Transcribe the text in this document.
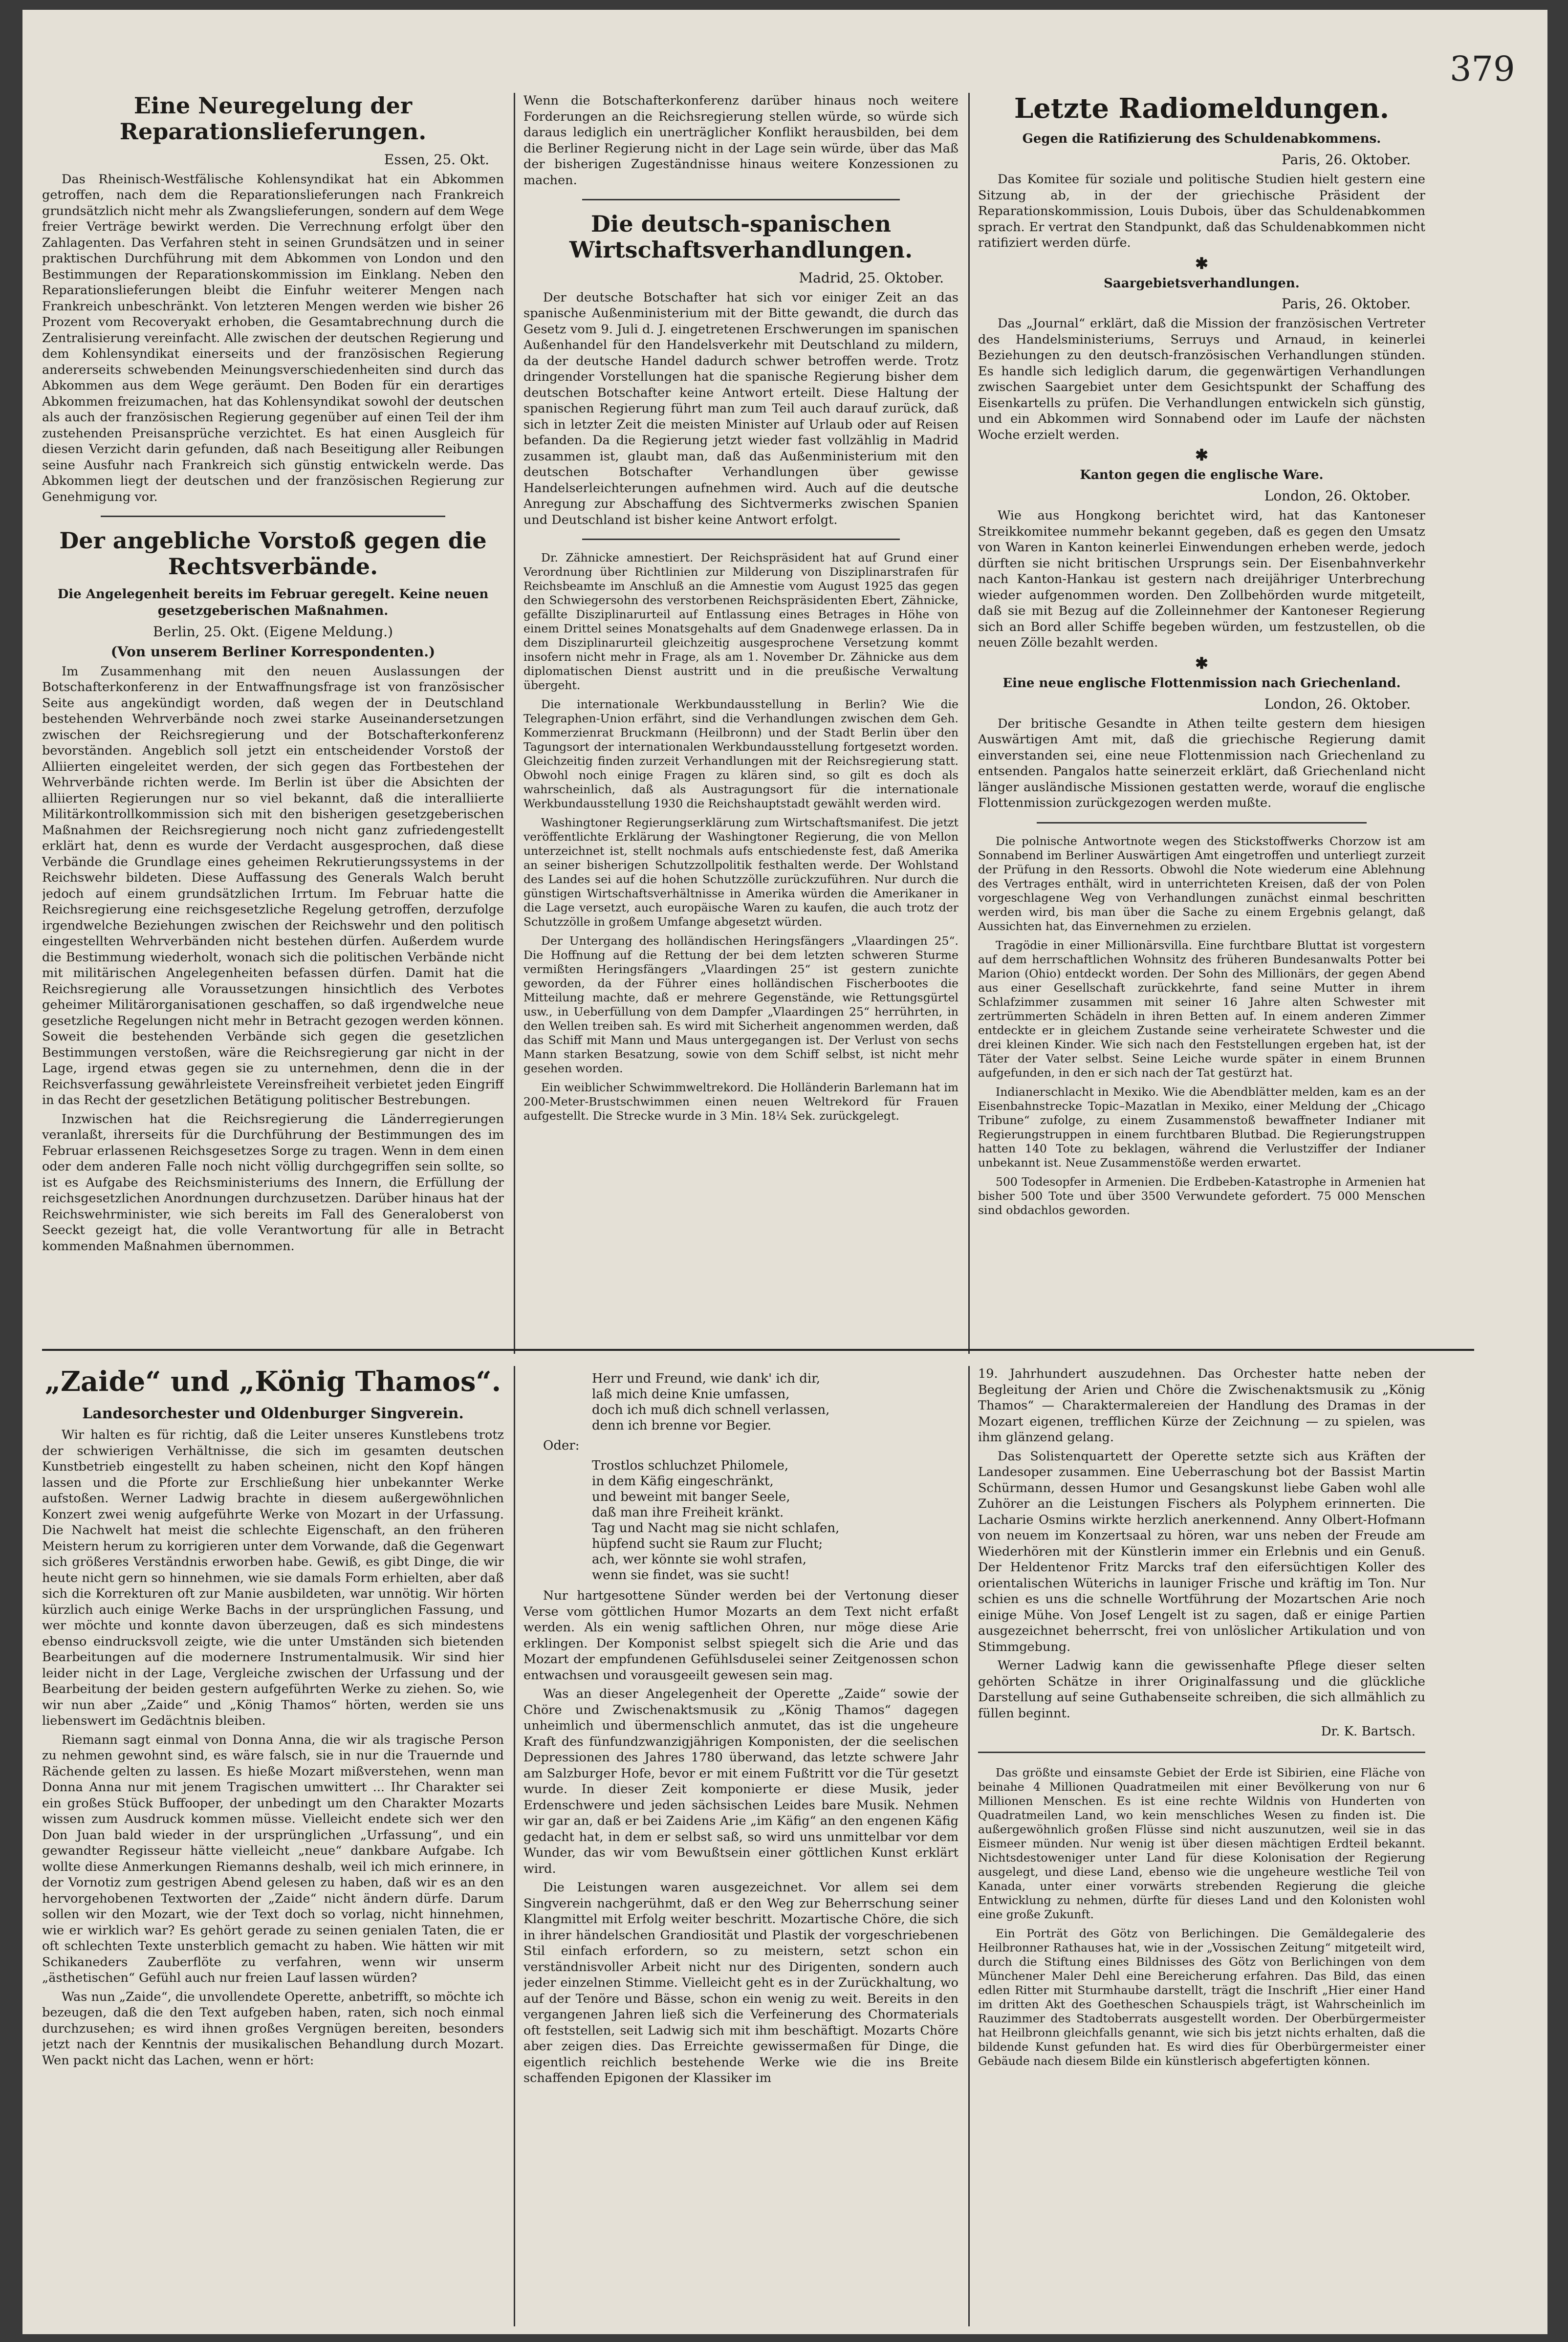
379
Eine Neuregelung der Reparationslieferungen.
Essen, 25. Okt.

Das Rheinisch-Westfälische Kohlensyndikat hat ein Abkommen getroffen, nach dem die Reparationslieferungen nach Frankreich grundsätzlich nicht mehr als Zwangslieferungen, sondern auf dem Wege freier Verträge bewirkt werden. Die Verrechnung erfolgt über den Zahlagenten. Das Verfahren steht in seinen Grundsätzen und in seiner praktischen Durchführung mit dem Abkommen von London und den Bestimmungen der Reparationskommission im Einklang. Neben den Reparationslieferungen bleibt die Einfuhr weiterer Mengen nach Frankreich unbeschränkt. Von letzteren Mengen werden wie bisher 26 Prozent vom Recoveryakt erhoben, die Gesamtabrechnung durch die Zentralisierung vereinfacht. Alle zwischen der deutschen Regierung und dem Kohlensyndikat einerseits und der französischen Regierung andererseits schwebenden Meinungsverschiedenheiten sind durch das Abkommen aus dem Wege geräumt. Den Boden für ein derartiges Abkommen freizumachen, hat das Kohlensyndikat sowohl der deutschen als auch der französischen Regierung gegenüber auf einen Teil der ihm zustehenden Preisansprüche verzichtet. Es hat einen Ausgleich für diesen Verzicht darin gefunden, daß nach Beseitigung aller Reibungen seine Ausfuhr nach Frankreich sich günstig entwickeln werde. Das Abkommen liegt der deutschen und der französischen Regierung zur Genehmigung vor.

Der angebliche Vorstoß gegen die Rechtsverbände.
Die Angelegenheit bereits im Februar geregelt. Keine neuen gesetzgeberischen Maßnahmen.
Berlin, 25. Okt. (Eigene Meldung.)
(Von unserem Berliner Korrespondenten.)

Im Zusammenhang mit den neuen Auslassungen der Botschafterkonferenz in der Entwaffnungsfrage ist von französischer Seite aus angekündigt worden, daß wegen der in Deutschland bestehenden Wehrverbände noch zwei starke Auseinandersetzungen zwischen der Reichsregierung und der Botschafterkonferenz bevorständen. Angeblich soll jetzt ein entscheidender Vorstoß der Alliierten eingeleitet werden, der sich gegen das Fortbestehen der Wehrverbände richten werde. Im Berlin ist über die Absichten der alliierten Regierungen nur so viel bekannt, daß die interalliierte Militärkontrollkommission sich mit den bisherigen gesetzgeberischen Maßnahmen der Reichsregierung noch nicht ganz zufriedengestellt erklärt hat, denn es wurde der Verdacht ausgesprochen, daß diese Verbände die Grundlage eines geheimen Rekrutierungssystems in der Reichswehr bildeten. Diese Auffassung des Generals Walch beruht jedoch auf einem grundsätzlichen Irrtum. Im Februar hatte die Reichsregierung eine reichsgesetzliche Regelung getroffen, derzufolge irgendwelche Beziehungen zwischen der Reichswehr und den politisch eingestellten Wehrverbänden nicht bestehen dürfen. Außerdem wurde die Bestimmung wiederholt, wonach sich die politischen Verbände nicht mit militärischen Angelegenheiten befassen dürfen. Damit hat die Reichsregierung alle Voraussetzungen hinsichtlich des Verbotes geheimer Militärorganisationen geschaffen, so daß irgendwelche neue gesetzliche Regelungen nicht mehr in Betracht gezogen werden können. Soweit die bestehenden Verbände sich gegen die gesetzlichen Bestimmungen verstoßen, wäre die Reichsregierung gar nicht in der Lage, irgend etwas gegen sie zu unternehmen, denn die in der Reichsverfassung gewährleistete Vereinsfreiheit verbietet jeden Eingriff in das Recht der gesetzlichen Betätigung politischer Bestrebungen.

Inzwischen hat die Reichsregierung die Länderregierungen veranlaßt, ihrerseits für die Durchführung der Bestimmungen des im Februar erlassenen Reichsgesetzes Sorge zu tragen. Wenn in dem einen oder dem anderen Falle noch nicht völlig durchgegriffen sein sollte, so ist es Aufgabe des Reichsministeriums des Innern, die Erfüllung der reichsgesetzlichen Anordnungen durchzusetzen. Darüber hinaus hat der Reichswehrminister, wie sich bereits im Fall des Generaloberst von Seeckt gezeigt hat, die volle Verantwortung für alle in Betracht kommenden Maßnahmen übernommen.

Wenn die Botschafterkonferenz darüber hinaus noch weitere Forderungen an die Reichsregierung stellen würde, so würde sich daraus lediglich ein unerträglicher Konflikt herausbilden, bei dem die Berliner Regierung nicht in der Lage sein würde, über das Maß der bisherigen Zugeständnisse hinaus weitere Konzessionen zu machen.

Die deutsch-spanischen Wirtschaftsverhandlungen.
Madrid, 25. Oktober.

Der deutsche Botschafter hat sich vor einiger Zeit an das spanische Außenministerium mit der Bitte gewandt, die durch das Gesetz vom 9. Juli d. J. eingetretenen Erschwerungen im spanischen Außenhandel für den Handelsverkehr mit Deutschland zu mildern, da der deutsche Handel dadurch schwer betroffen werde. Trotz dringender Vorstellungen hat die spanische Regierung bisher dem deutschen Botschafter keine Antwort erteilt. Diese Haltung der spanischen Regierung führt man zum Teil auch darauf zurück, daß sich in letzter Zeit die meisten Minister auf Urlaub oder auf Reisen befanden. Da die Regierung jetzt wieder fast vollzählig in Madrid zusammen ist, glaubt man, daß das Außenministerium mit den deutschen Botschafter Verhandlungen über gewisse Handelserleichterungen aufnehmen wird. Auch auf die deutsche Anregung zur Abschaffung des Sichtvermerks zwischen Spanien und Deutschland ist bisher keine Antwort erfolgt.

Dr. Zähnicke amnestiert. Der Reichspräsident hat auf Grund einer Verordnung über Richtlinien zur Milderung von Disziplinarstrafen für Reichsbeamte im Anschluß an die Amnestie vom August 1925 das gegen den Schwiegersohn des verstorbenen Reichspräsidenten Ebert, Zähnicke, gefällte Disziplinarurteil auf Entlassung eines Betrages in Höhe von einem Drittel seines Monatsgehalts auf dem Gnadenwege erlassen. Da in dem Disziplinarurteil gleichzeitig ausgesprochene Versetzung kommt insofern nicht mehr in Frage, als am 1. November Dr. Zähnicke aus dem diplomatischen Dienst austritt und in die preußische Verwaltung übergeht.

Die internationale Werkbundausstellung in Berlin? Wie die Telegraphen-Union erfährt, sind die Verhandlungen zwischen dem Geh. Kommerzienrat Bruckmann (Heilbronn) und der Stadt Berlin über den Tagungsort der internationalen Werkbundausstellung fortgesetzt worden. Gleichzeitig finden zurzeit Verhandlungen mit der Reichsregierung statt. Obwohl noch einige Fragen zu klären sind, so gilt es doch als wahrscheinlich, daß als Austragungsort für die internationale Werkbundausstellung 1930 die Reichshauptstadt gewählt werden wird.

Washingtoner Regierungserklärung zum Wirtschaftsmanifest. Die jetzt veröffentlichte Erklärung der Washingtoner Regierung, die von Mellon unterzeichnet ist, stellt nochmals aufs entschiedenste fest, daß Amerika an seiner bisherigen Schutzzollpolitik festhalten werde. Der Wohlstand des Landes sei auf die hohen Schutzzölle zurückzuführen. Nur durch die günstigen Wirtschaftsverhältnisse in Amerika würden die Amerikaner in die Lage versetzt, auch europäische Waren zu kaufen, die auch trotz der Schutzzölle in großem Umfange abgesetzt würden.

Der Untergang des holländischen Heringsfängers „Vlaardingen 25“. Die Hoffnung auf die Rettung der bei dem letzten schweren Sturme vermißten Heringsfängers „Vlaardingen 25“ ist gestern zunichte geworden, da der Führer eines holländischen Fischerbootes die Mitteilung machte, daß er mehrere Gegenstände, wie Rettungsgürtel usw., in Ueberfüllung von dem Dampfer „Vlaardingen 25“ herrührten, in den Wellen treiben sah. Es wird mit Sicherheit angenommen werden, daß das Schiff mit Mann und Maus untergegangen ist. Der Verlust von sechs Mann starken Besatzung, sowie von dem Schiff selbst, ist nicht mehr gesehen worden.

Ein weiblicher Schwimmweltrekord. Die Holländerin Barlemann hat im 200-Meter-Brustschwimmen einen neuen Weltrekord für Frauen aufgestellt. Die Strecke wurde in 3 Min. 18¼ Sek. zurückgelegt.

Letzte Radiomeldungen.
Gegen die Ratifizierung des Schuldenabkommens.
Paris, 26. Oktober.

Das Komitee für soziale und politische Studien hielt gestern eine Sitzung ab, in der der griechische Präsident der Reparationskommission, Louis Dubois, über das Schuldenabkommen sprach. Er vertrat den Standpunkt, daß das Schuldenabkommen nicht ratifiziert werden dürfe.

✱
Saargebietsverhandlungen.
Paris, 26. Oktober.

Das „Journal“ erklärt, daß die Mission der französischen Vertreter des Handelsministeriums, Serruys und Arnaud, in keinerlei Beziehungen zu den deutsch-französischen Verhandlungen stünden. Es handle sich lediglich darum, die gegenwärtigen Verhandlungen zwischen Saargebiet unter dem Gesichtspunkt der Schaffung des Eisenkartells zu prüfen. Die Verhandlungen entwickeln sich günstig, und ein Abkommen wird Sonnabend oder im Laufe der nächsten Woche erzielt werden.

✱
Kanton gegen die englische Ware.
London, 26. Oktober.

Wie aus Hongkong berichtet wird, hat das Kantoneser Streikkomitee nummehr bekannt gegeben, daß es gegen den Umsatz von Waren in Kanton keinerlei Einwendungen erheben werde, jedoch dürften sie nicht britischen Ursprungs sein. Der Eisenbahnverkehr nach Kanton-Hankau ist gestern nach dreijähriger Unterbrechung wieder aufgenommen worden. Den Zollbehörden wurde mitgeteilt, daß sie mit Bezug auf die Zolleinnehmer der Kantoneser Regierung sich an Bord aller Schiffe begeben würden, um festzustellen, ob die neuen Zölle bezahlt werden.

✱
Eine neue englische Flottenmission nach Griechenland.
London, 26. Oktober.

Der britische Gesandte in Athen teilte gestern dem hiesigen Auswärtigen Amt mit, daß die griechische Regierung damit einverstanden sei, eine neue Flottenmission nach Griechenland zu entsenden. Pangalos hatte seinerzeit erklärt, daß Griechenland nicht länger ausländische Missionen gestatten werde, worauf die englische Flottenmission zurückgezogen werden mußte.

Die polnische Antwortnote wegen des Stickstoffwerks Chorzow ist am Sonnabend im Berliner Auswärtigen Amt eingetroffen und unterliegt zurzeit der Prüfung in den Ressorts. Obwohl die Note wiederum eine Ablehnung des Vertrages enthält, wird in unterrichteten Kreisen, daß der von Polen vorgeschlagene Weg von Verhandlungen zunächst einmal beschritten werden wird, bis man über die Sache zu einem Ergebnis gelangt, daß Aussichten hat, das Einvernehmen zu erzielen.

Tragödie in einer Millionärsvilla. Eine furchtbare Bluttat ist vorgestern auf dem herrschaftlichen Wohnsitz des früheren Bundesanwalts Potter bei Marion (Ohio) entdeckt worden. Der Sohn des Millionärs, der gegen Abend aus einer Gesellschaft zurückkehrte, fand seine Mutter in ihrem Schlafzimmer zusammen mit seiner 16 Jahre alten Schwester mit zertrümmerten Schädeln in ihren Betten auf. In einem anderen Zimmer entdeckte er in gleichem Zustande seine verheiratete Schwester und die drei kleinen Kinder. Wie sich nach den Feststellungen ergeben hat, ist der Täter der Vater selbst. Seine Leiche wurde später in einem Brunnen aufgefunden, in den er sich nach der Tat gestürzt hat.

Indianerschlacht in Mexiko. Wie die Abendblätter melden, kam es an der Eisenbahnstrecke Topic–Mazatlan in Mexiko, einer Meldung der „Chicago Tribune“ zufolge, zu einem Zusammenstoß bewaffneter Indianer mit Regierungstruppen in einem furchtbaren Blutbad. Die Regierungstruppen hatten 140 Tote zu beklagen, während die Verlustziffer der Indianer unbekannt ist. Neue Zusammenstöße werden erwartet.

500 Todesopfer in Armenien. Die Erdbeben-Katastrophe in Armenien hat bisher 500 Tote und über 3500 Verwundete gefordert. 75 000 Menschen sind obdachlos geworden.

„Zaide“ und „König Thamos“.
Landesorchester und Oldenburger Singverein.

Wir halten es für richtig, daß die Leiter unseres Kunstlebens trotz der schwierigen Verhältnisse, die sich im gesamten deutschen Kunstbetrieb eingestellt zu haben scheinen, nicht den Kopf hängen lassen und die Pforte zur Erschließung hier unbekannter Werke aufstoßen. Werner Ladwig brachte in diesem außergewöhnlichen Konzert zwei wenig aufgeführte Werke von Mozart in der Urfassung. Die Nachwelt hat meist die schlechte Eigenschaft, an den früheren Meistern herum zu korrigieren unter dem Vorwande, daß die Gegenwart sich größeres Verständnis erworben habe. Gewiß, es gibt Dinge, die wir heute nicht gern so hinnehmen, wie sie damals Form erhielten, aber daß sich die Korrekturen oft zur Manie ausbildeten, war unnötig. Wir hörten kürzlich auch einige Werke Bachs in der ursprünglichen Fassung, und wer möchte und konnte davon überzeugen, daß es sich mindestens ebenso eindrucksvoll zeigte, wie die unter Umständen sich bietenden Bearbeitungen auf die modernere Instrumentalmusik. Wir sind hier leider nicht in der Lage, Vergleiche zwischen der Urfassung und der Bearbeitung der beiden gestern aufgeführten Werke zu ziehen. So, wie wir nun aber „Zaide“ und „König Thamos“ hörten, werden sie uns liebenswert im Gedächtnis bleiben.

Riemann sagt einmal von Donna Anna, die wir als tragische Person zu nehmen gewohnt sind, es wäre falsch, sie in nur die Trauernde und Rächende gelten zu lassen. Es hieße Mozart mißverstehen, wenn man Donna Anna nur mit jenem Tragischen umwittert ... Ihr Charakter sei ein großes Stück Buffooper, der unbedingt um den Charakter Mozarts wissen zum Ausdruck kommen müsse. Vielleicht endete sich wer den Don Juan bald wieder in der ursprünglichen „Urfassung“, und ein gewandter Regisseur hätte vielleicht „neue“ dankbare Aufgabe. Ich wollte diese Anmerkungen Riemanns deshalb, weil ich mich erinnere, in der Vornotiz zum gestrigen Abend gelesen zu haben, daß wir es an den hervorgehobenen Textworten der „Zaide“ nicht ändern dürfe. Darum sollen wir den Mozart, wie der Text doch so vorlag, nicht hinnehmen, wie er wirklich war? Es gehört gerade zu seinen genialen Taten, die er oft schlechten Texte unsterblich gemacht zu haben. Wie hätten wir mit Schikaneders Zauberflöte zu verfahren, wenn wir unserm „ästhetischen“ Gefühl auch nur freien Lauf lassen würden?

Was nun „Zaide“, die unvollendete Operette, anbetrifft, so möchte ich bezeugen, daß die den Text aufgeben haben, raten, sich noch einmal durchzusehen; es wird ihnen großes Vergnügen bereiten, besonders jetzt nach der Kenntnis der musikalischen Behandlung durch Mozart. Wen packt nicht das Lachen, wenn er hört:

Herr und Freund, wie dank' ich dir,
laß mich deine Knie umfassen,
doch ich muß dich schnell verlassen,
denn ich brenne vor Begier.
Oder:
Trostlos schluchzet Philomele,
in dem Käfig eingeschränkt,
und beweint mit banger Seele,
daß man ihre Freiheit kränkt.
Tag und Nacht mag sie nicht schlafen,
hüpfend sucht sie Raum zur Flucht;
ach, wer könnte sie wohl strafen,
wenn sie findet, was sie sucht!

Nur hartgesottene Sünder werden bei der Vertonung dieser Verse vom göttlichen Humor Mozarts an dem Text nicht erfaßt werden. Als ein wenig saftlichen Ohren, nur möge diese Arie erklingen. Der Komponist selbst spiegelt sich die Arie und das Mozart der empfundenen Gefühlsduselei seiner Zeitgenossen schon entwachsen und vorausgeeilt gewesen sein mag.

Was an dieser Angelegenheit der Operette „Zaide“ sowie der Chöre und Zwischenaktsmusik zu „König Thamos“ dagegen unheimlich und übermenschlich anmutet, das ist die ungeheure Kraft des fünfundzwanzigjährigen Komponisten, der die seelischen Depressionen des Jahres 1780 überwand, das letzte schwere Jahr am Salzburger Hofe, bevor er mit einem Fußtritt vor die Tür gesetzt wurde. In dieser Zeit komponierte er diese Musik, jeder Erdenschwere und jeden sächsischen Leides bare Musik. Nehmen wir gar an, daß er bei Zaidens Arie „im Käfig“ an den engenen Käfig gedacht hat, in dem er selbst saß, so wird uns unmittelbar vor dem Wunder, das wir vom Bewußtsein einer göttlichen Kunst erklärt wird.

Die Leistungen waren ausgezeichnet. Vor allem sei dem Singverein nachgerühmt, daß er den Weg zur Beherrschung seiner Klangmittel mit Erfolg weiter beschritt. Mozartische Chöre, die sich in ihrer händelschen Grandiosität und Plastik der vorgeschriebenen Stil einfach erfordern, so zu meistern, setzt schon ein verständnisvoller Arbeit nicht nur des Dirigenten, sondern auch jeder einzelnen Stimme. Vielleicht geht es in der Zurückhaltung, wo auf der Tenöre und Bässe, schon ein wenig zu weit. Bereits in den vergangenen Jahren ließ sich die Verfeinerung des Chormaterials oft feststellen, seit Ladwig sich mit ihm beschäftigt. Mozarts Chöre aber zeigen dies. Das Erreichte gewissermaßen für Dinge, die eigentlich reichlich bestehende Werke wie die ins Breite schaffenden Epigonen der Klassiker im

19. Jahrhundert auszudehnen. Das Orchester hatte neben der Begleitung der Arien und Chöre die Zwischenaktsmusik zu „König Thamos“ — Charaktermalereien der Handlung des Dramas in der Mozart eigenen, trefflichen Kürze der Zeichnung — zu spielen, was ihm glänzend gelang.

Das Solistenquartett der Operette setzte sich aus Kräften der Landesoper zusammen. Eine Ueberraschung bot der Bassist Martin Schürmann, dessen Humor und Gesangskunst liebe Gaben wohl alle Zuhörer an die Leistungen Fischers als Polyphem erinnerten. Die Lacharie Osmins wirkte herzlich anerkennend. Anny Olbert-Hofmann von neuem im Konzertsaal zu hören, war uns neben der Freude am Wiederhören mit der Künstlerin immer ein Erlebnis und ein Genuß. Der Heldentenor Fritz Marcks traf den eifersüchtigen Koller des orientalischen Wüterichs in launiger Frische und kräftig im Ton. Nur schien es uns die schnelle Wortführung der Mozartschen Arie noch einige Mühe. Von Josef Lengelt ist zu sagen, daß er einige Partien ausgezeichnet beherrscht, frei von unlöslicher Artikulation und von Stimmgebung.

Werner Ladwig kann die gewissenhafte Pflege dieser selten gehörten Schätze in ihrer Originalfassung und die glückliche Darstellung auf seine Guthabenseite schreiben, die sich allmählich zu füllen beginnt.

Dr. K. Bartsch.

Das größte und einsamste Gebiet der Erde ist Sibirien, eine Fläche von beinahe 4 Millionen Quadratmeilen mit einer Bevölkerung von nur 6 Millionen Menschen. Es ist eine rechte Wildnis von Hunderten von Quadratmeilen Land, wo kein menschliches Wesen zu finden ist. Die außergewöhnlich großen Flüsse sind nicht auszunutzen, weil sie in das Eismeer münden. Nur wenig ist über diesen mächtigen Erdteil bekannt. Nichtsdestoweniger unter Land für diese Kolonisation der Regierung ausgelegt, und diese Land, ebenso wie die ungeheure westliche Teil von Kanada, unter einer vorwärts strebenden Regierung die gleiche Entwicklung zu nehmen, dürfte für dieses Land und den Kolonisten wohl eine große Zukunft.

Ein Porträt des Götz von Berlichingen. Die Gemäldegalerie des Heilbronner Rathauses hat, wie in der „Vossischen Zeitung“ mitgeteilt wird, durch die Stiftung eines Bildnisses des Götz von Berlichingen von dem Münchener Maler Dehl eine Bereicherung erfahren. Das Bild, das einen edlen Ritter mit Sturmhaube darstellt, trägt die Inschrift „Hier einer Hand im dritten Akt des Goetheschen Schauspiels trägt, ist Wahrscheinlich im Rauzimmer des Stadtoberrats ausgestellt worden. Der Oberbürgermeister hat Heilbronn gleichfalls genannt, wie sich bis jetzt nichts erhalten, daß die bildende Kunst gefunden hat. Es wird dies für Oberbürgermeister einer Gebäude nach diesem Bilde ein künstlerisch abgefertigten können.
